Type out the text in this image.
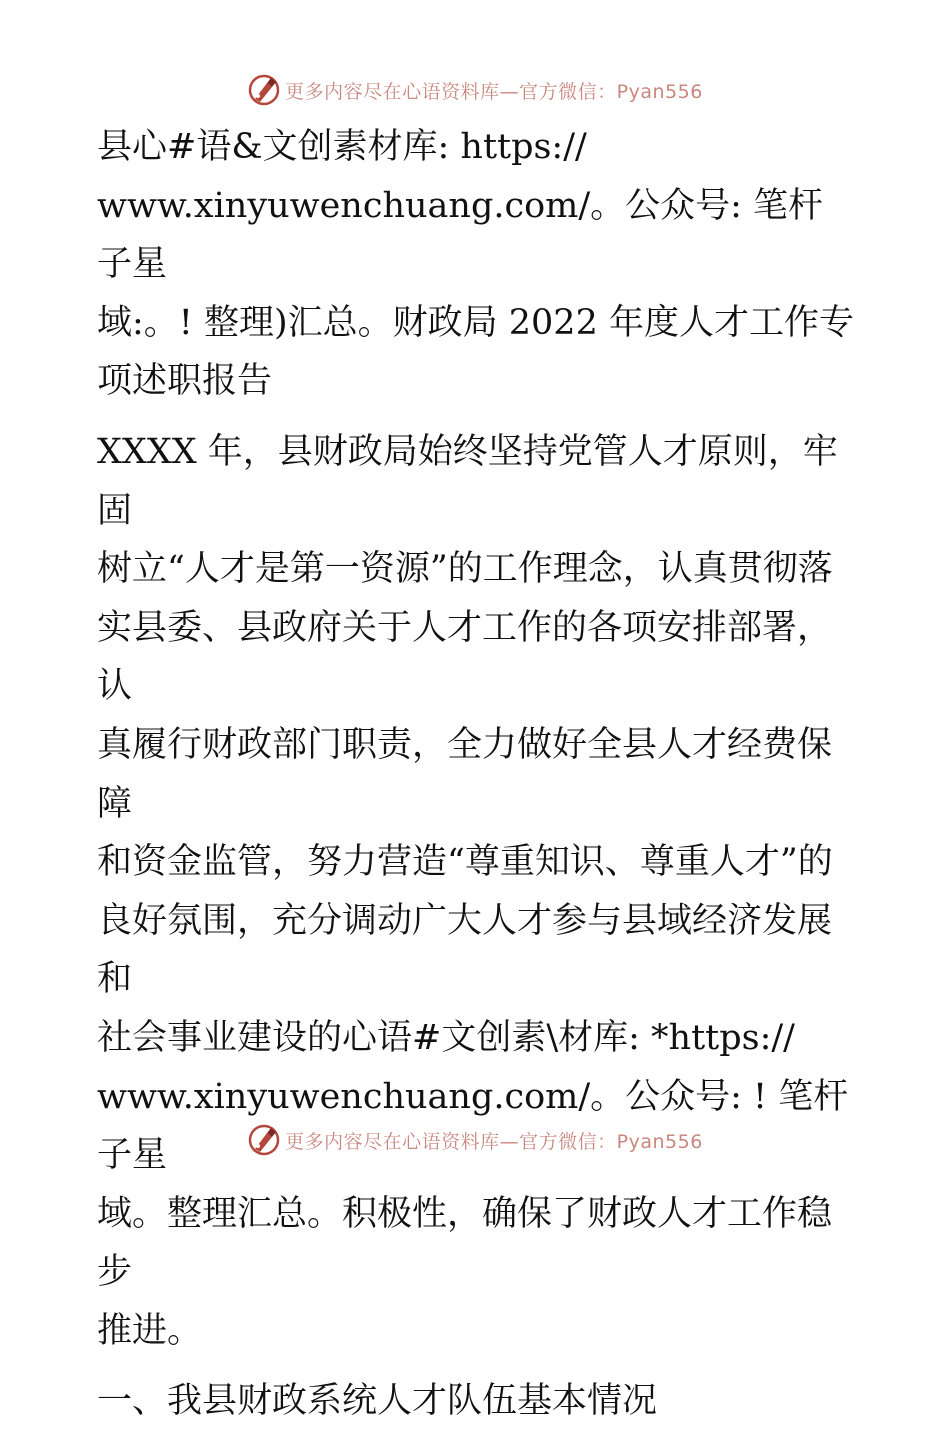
更多内容尽在心语资料库—官方微信：Pyan556

县心#语&文创素材库: https://
www.xinyuwenchuang.com/。公众号: 笔杆子星
域:。! 整理)汇总。财政局 2022 年度人才工作专
项述职报告

XXXX 年，县财政局始终坚持党管人才原则，牢固
树立“人才是第一资源”的工作理念，认真贯彻落
实县委、县政府关于人才工作的各项安排部署，认
真履行财政部门职责，全力做好全县人才经费保障
和资金监管，努力营造“尊重知识、尊重人才”的
良好氛围，充分调动广大人才参与县域经济发展和
社会事业建设的心语#文创素\材库: *https://
www.xinyuwenchuang.com/。公众号: ! 笔杆子星
域。整理汇总。积极性，确保了财政人才工作稳步
推进。

一、我县财政系统人才队伍基本情况

更多内容尽在心语资料库—官方微信：Pyan556
